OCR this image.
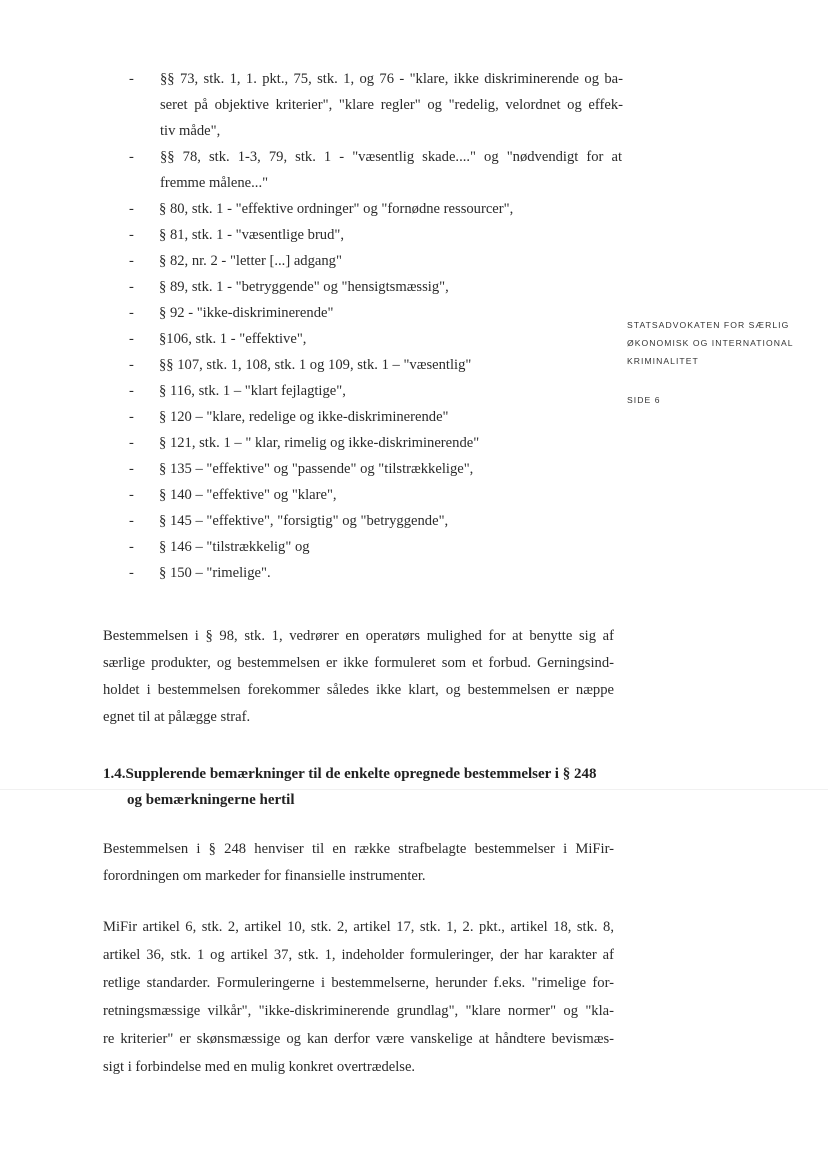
-	§§ 73, stk. 1, 1. pkt., 75, stk. 1, og 76 - "klare, ikke diskriminerende og ba-
seret på objektive kriterier", "klare regler" og "redelig, velordnet og effek-
tiv måde",
-	§§ 78, stk. 1-3, 79, stk. 1 - "væsentlig skade...." og "nødvendigt for at
fremme målene..."
-	§ 80, stk. 1 - "effektive ordninger" og "fornødne ressourcer",
-	§ 81, stk. 1 - "væsentlige brud",
-	§ 82, nr. 2 - "letter [...] adgang"
-	§ 89, stk. 1 - "betryggende" og "hensigtsmæssig",
-	§ 92 - "ikke-diskriminerende"
-	§106, stk. 1 - "effektive",
-	§§ 107, stk. 1, 108, stk. 1 og 109, stk. 1 – "væsentlig"
-	§ 116, stk. 1 – "klart fejlagtige",
-	§ 120 – "klare, redelige og ikke-diskriminerende"
-	§ 121, stk. 1 – " klar, rimelig og ikke-diskriminerende"
-	§ 135 – "effektive" og "passende" og "tilstrækkelige",
-	§ 140 – "effektive" og "klare",
-	§ 145 – "effektive", "forsigtig" og "betryggende",
-	§ 146 – "tilstrækkelig" og
-	§ 150 – "rimelige".
STATSADVOKATEN FOR SÆRLIG
ØKONOMISK OG INTERNATIONAL
KRIMINALITET
SIDE 6
Bestemmelsen i § 98, stk. 1, vedrører en operatørs mulighed for at benytte sig af
særlige produkter, og bestemmelsen er ikke formuleret som et forbud. Gerningsind-
holdet i bestemmelsen forekommer således ikke klart, og bestemmelsen er næppe
egnet til at pålægge straf.
1.4.Supplerende bemærkninger til de enkelte opregnede bestemmelser i § 248
og bemærkningerne hertil
Bestemmelsen i § 248 henviser til en række strafbelagte bestemmelser i MiFir-
forordningen om markeder for finansielle instrumenter.
MiFir artikel 6, stk. 2, artikel 10, stk. 2, artikel 17, stk. 1, 2. pkt., artikel 18, stk. 8,
artikel 36, stk. 1 og artikel 37, stk. 1, indeholder formuleringer, der har karakter af
retlige standarder. Formuleringerne i bestemmelserne, herunder f.eks. "rimelige for-
retningsmæssige vilkår", "ikke-diskriminerende grundlag", "klare normer" og "kla-
re kriterier" er skønsmæssige og kan derfor være vanskelige at håndtere bevismæs-
sigt i forbindelse med en mulig konkret overtrædelse.
